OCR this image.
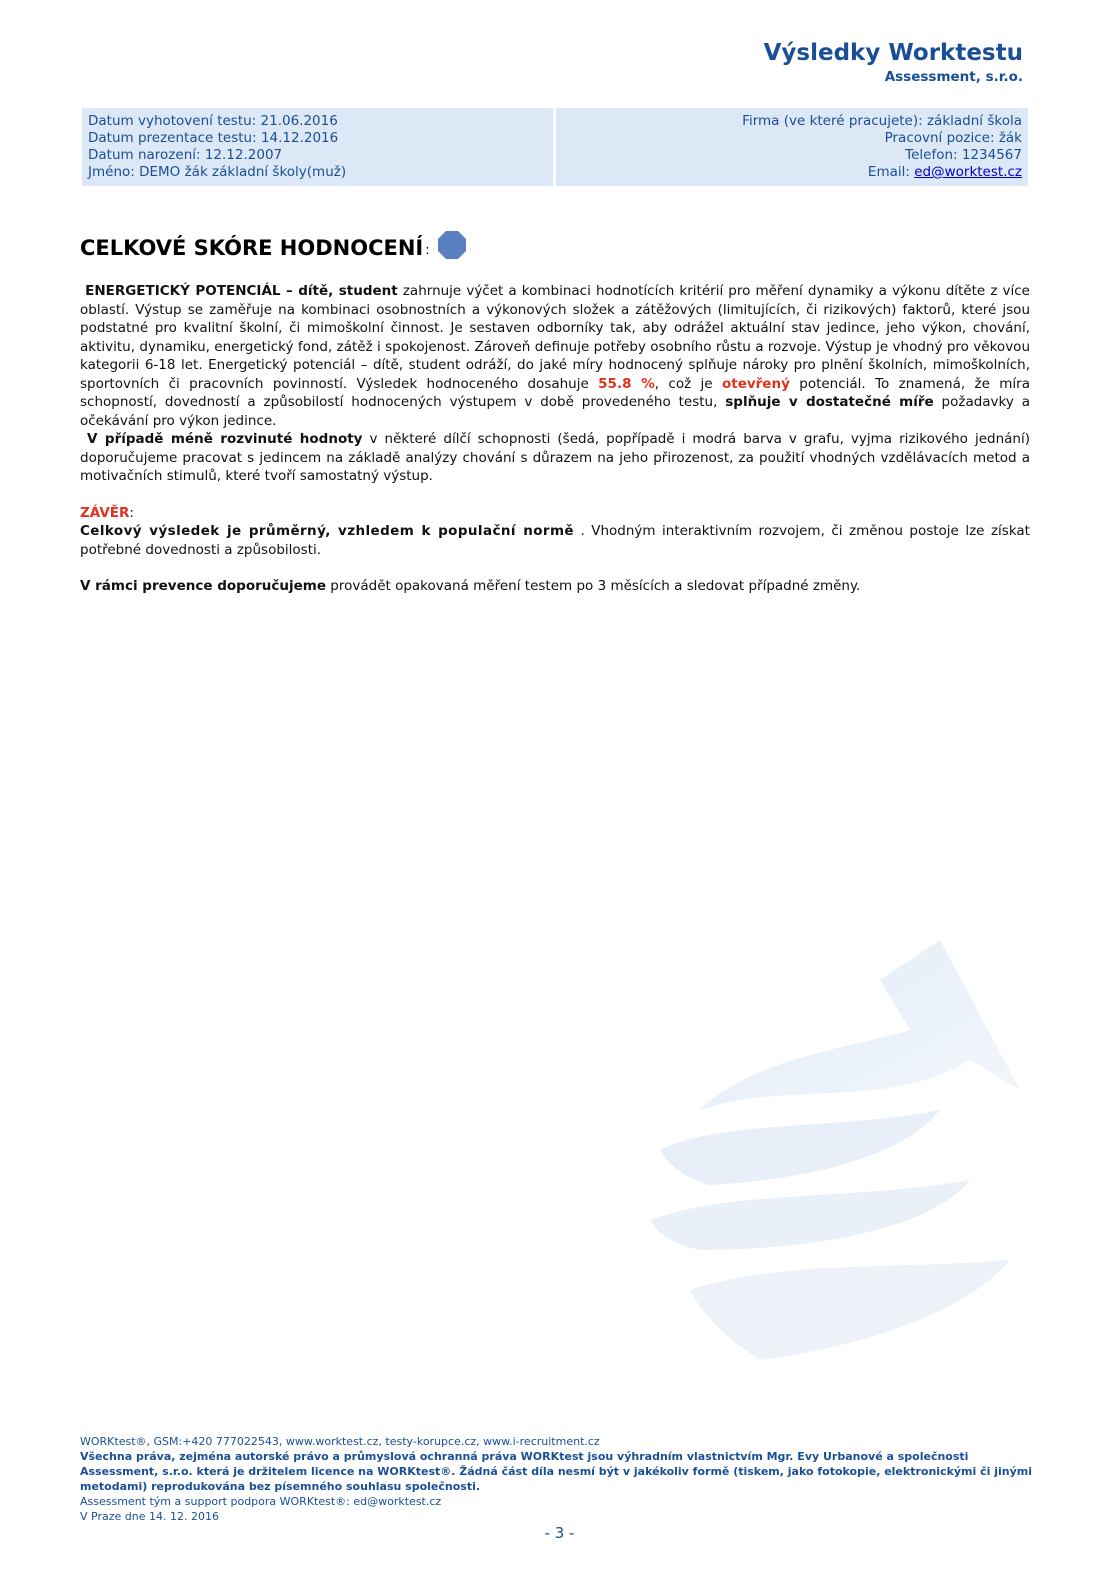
Výsledky Worktestu
Assessment, s.r.o.
Datum vyhotovení testu: 21.06.2016
Datum prezentace testu: 14.12.2016
Datum narození: 12.12.2007
Jméno: DEMO žák základní školy(muž)
Firma (ve které pracujete): základní škola
Pracovní pozice: žák
Telefon: 1234567
Email: ed@worktest.cz
CELKOVÉ SKÓRE HODNOCENÍ :

ENERGETICKÝ POTENCIÁL – dítě, student zahrnuje výčet a kombinaci hodnotících kritérií pro měření dynamiky a výkonu dítěte z více oblastí. Výstup se zaměřuje na kombinaci osobnostních a výkonových složek a zátěžových (limitujících, či rizikových) faktorů, které jsou podstatné pro kvalitní školní, či mimoškolní činnost. Je sestaven odborníky tak, aby odrážel aktuální stav jedince, jeho výkon, chování, aktivitu, dynamiku, energetický fond, zátěž i spokojenost. Zároveň definuje potřeby osobního růstu a rozvoje. Výstup je vhodný pro věkovou kategorii 6-18 let. Energetický potenciál – dítě, student odráží, do jaké míry hodnocený splňuje nároky pro plnění školních, mimoškolních, sportovních či pracovních povinností. Výsledek hodnoceného dosahuje 55.8 %, což je otevřený potenciál. To znamená, že míra schopností, dovedností a způsobilostí hodnocených výstupem v době provedeného testu, splňuje v dostatečné míře požadavky a očekávání pro výkon jedince.

V případě méně rozvinuté hodnoty v některé dílčí schopnosti (šedá, popřípadě i modrá barva v grafu, vyjma rizikového jednání) doporučujeme pracovat s jedincem na základě analýzy chování s důrazem na jeho přirozenost, za použití vhodných vzdělávacích metod a motivačních stimulů, které tvoří samostatný výstup.

ZÁVĚR:

Celkový výsledek je průměrný, vzhledem k populační normě . Vhodným interaktivním rozvojem, či změnou postoje lze získat potřebné dovednosti a způsobilosti.

V rámci prevence doporučujeme provádět opakovaná měření testem po 3 měsících a sledovat případné změny.

WORKtest®, GSM:+420 777022543, www.worktest.cz, testy-korupce.cz, www.i-recruitment.cz
Všechna práva, zejména autorské právo a průmyslová ochranná práva WORKtest jsou výhradním vlastnictvím Mgr. Evy Urbanové a společnosti Assessment, s.r.o. která je držitelem licence na WORKtest®. Žádná část díla nesmí být v jakékoliv formě (tiskem, jako fotokopie, elektronickými či jinými metodami) reprodukována bez písemného souhlasu společnosti.
Assessment tým a support podpora WORKtest®: ed@worktest.cz
V Praze dne 14. 12. 2016
- 3 -
